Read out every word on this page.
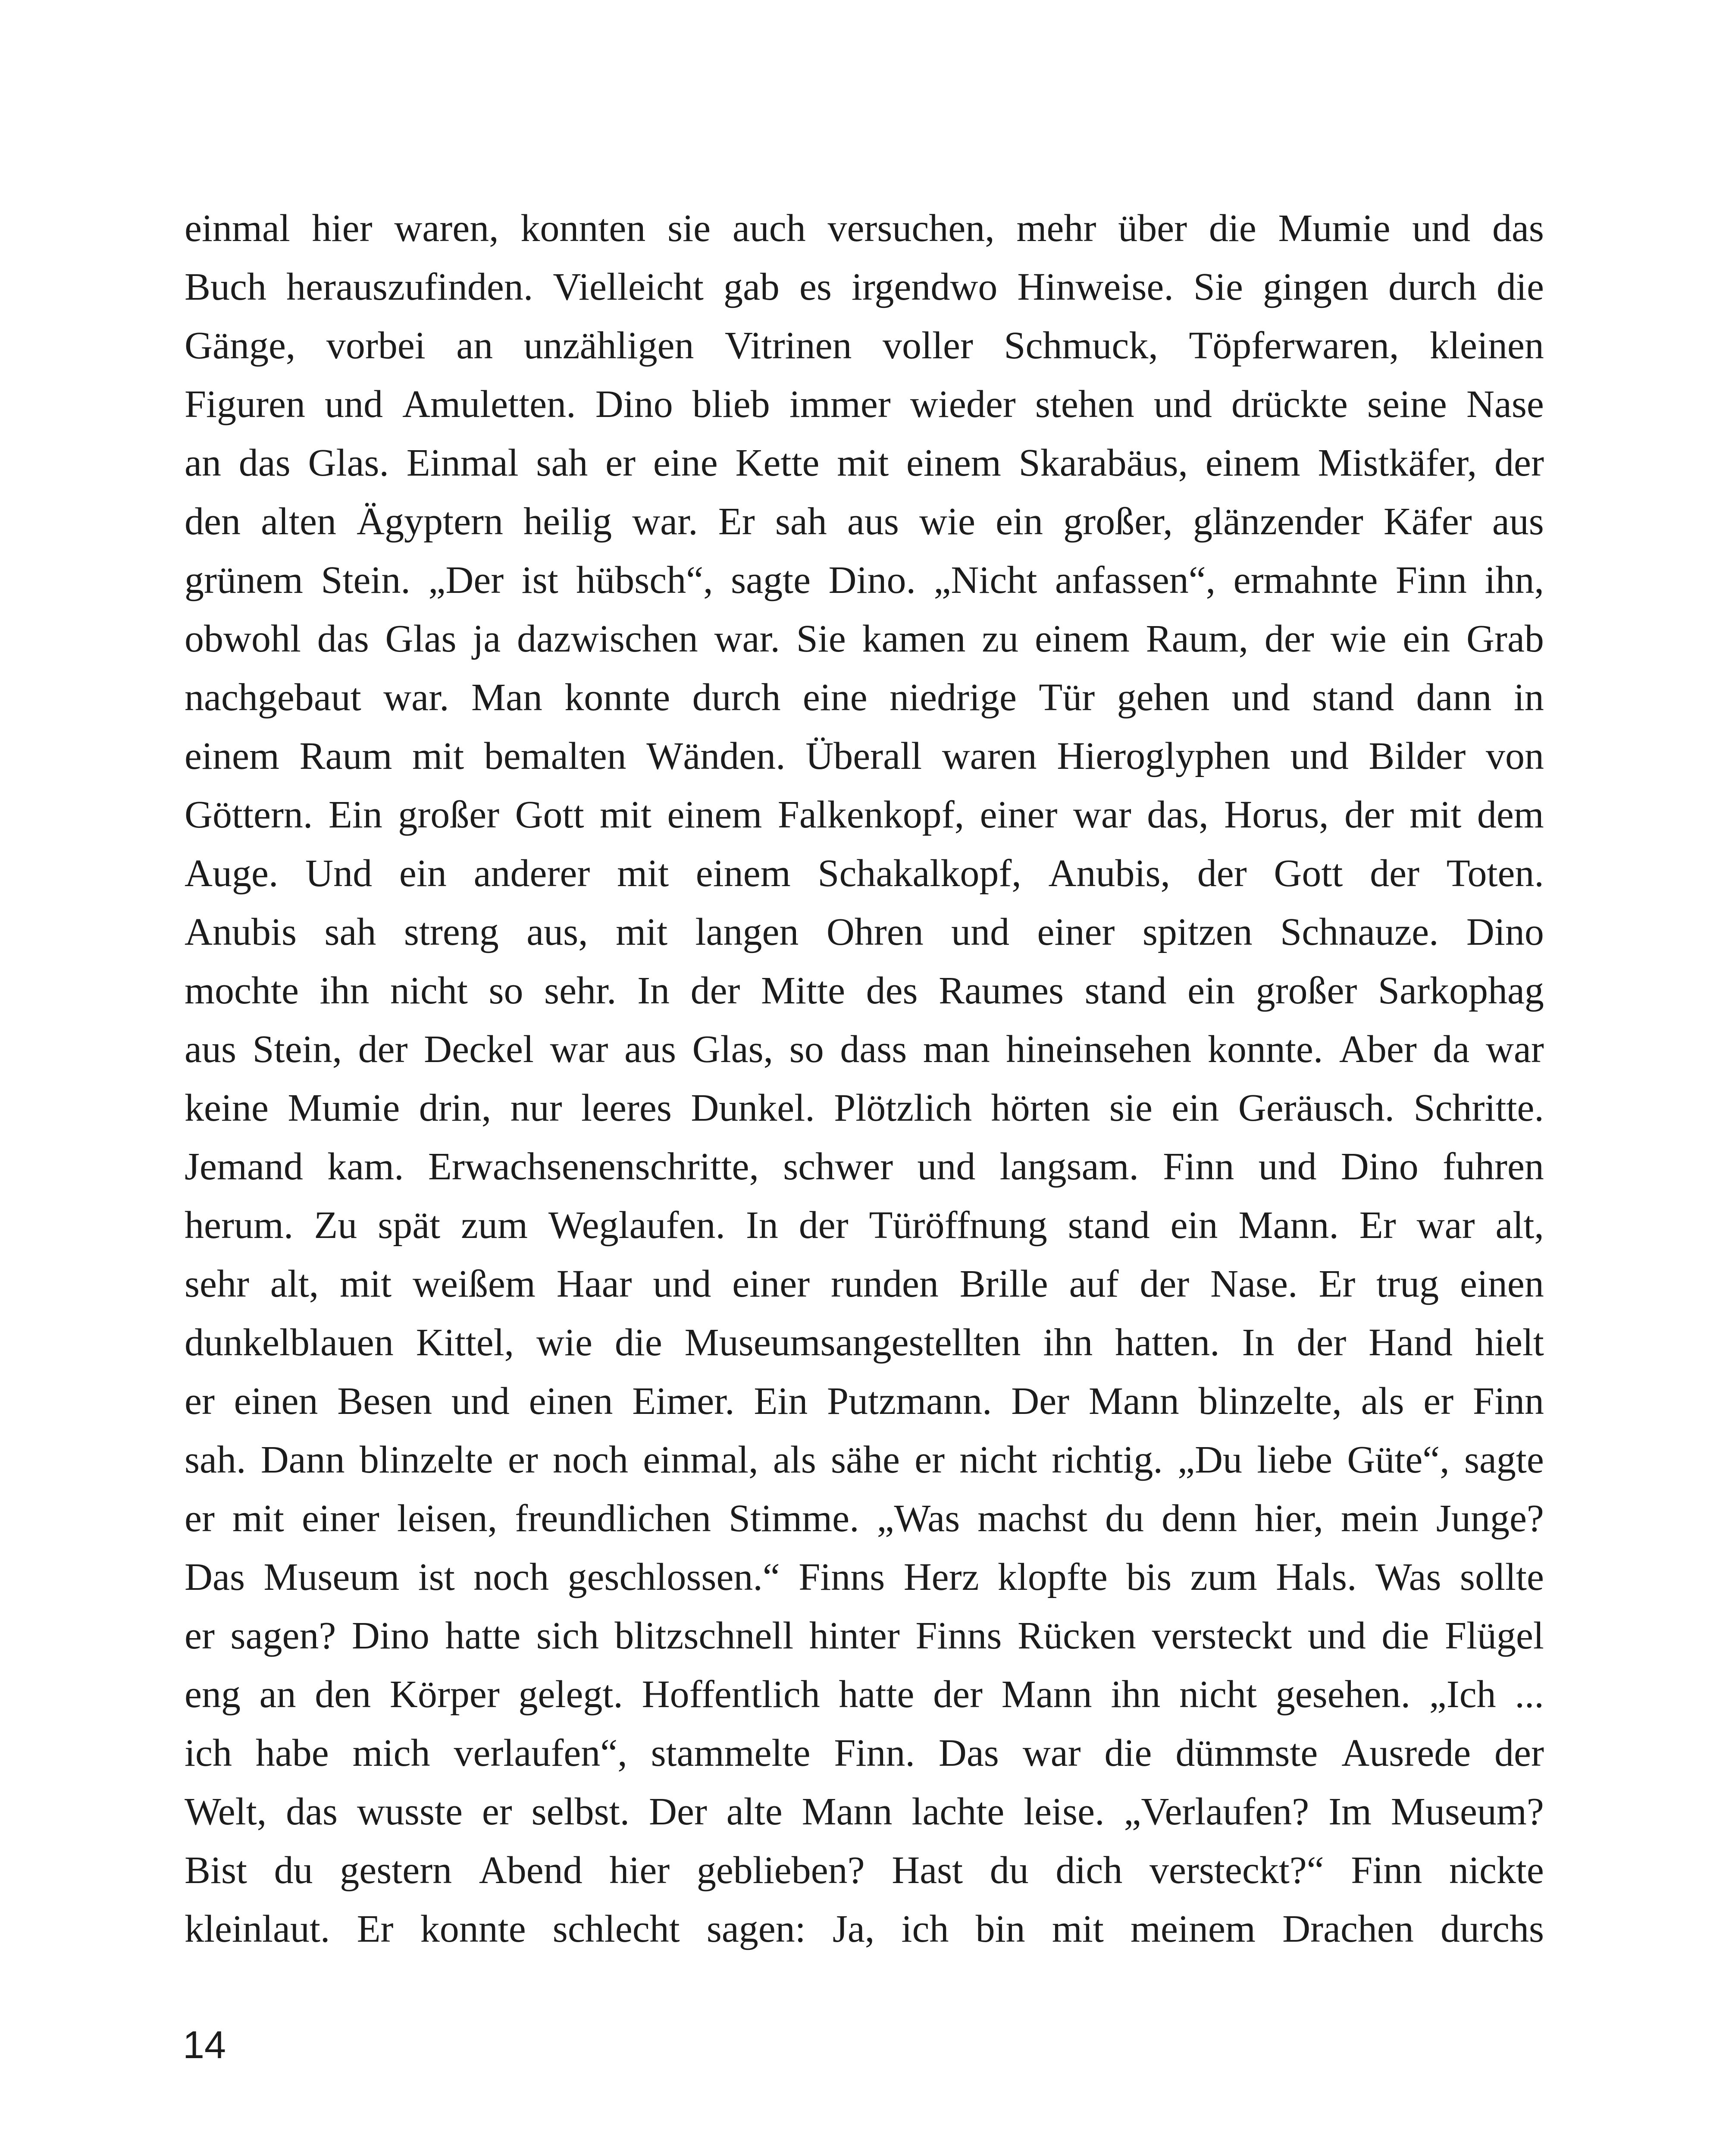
einmal hier waren, konnten sie auch versuchen, mehr über die Mumie und das
Buch herauszufinden. Vielleicht gab es irgendwo Hinweise. Sie gingen durch die
Gänge, vorbei an unzähligen Vitrinen voller Schmuck, Töpferwaren, kleinen
Figuren und Amuletten. Dino blieb immer wieder stehen und drückte seine Nase
an das Glas. Einmal sah er eine Kette mit einem Skarabäus, einem Mistkäfer, der
den alten Ägyptern heilig war. Er sah aus wie ein großer, glänzender Käfer aus
grünem Stein. „Der ist hübsch“, sagte Dino. „Nicht anfassen“, ermahnte Finn ihn,
obwohl das Glas ja dazwischen war. Sie kamen zu einem Raum, der wie ein Grab
nachgebaut war. Man konnte durch eine niedrige Tür gehen und stand dann in
einem Raum mit bemalten Wänden. Überall waren Hieroglyphen und Bilder von
Göttern. Ein großer Gott mit einem Falkenkopf, einer war das, Horus, der mit dem
Auge. Und ein anderer mit einem Schakalkopf, Anubis, der Gott der Toten.
Anubis sah streng aus, mit langen Ohren und einer spitzen Schnauze. Dino
mochte ihn nicht so sehr. In der Mitte des Raumes stand ein großer Sarkophag
aus Stein, der Deckel war aus Glas, so dass man hineinsehen konnte. Aber da war
keine Mumie drin, nur leeres Dunkel. Plötzlich hörten sie ein Geräusch. Schritte.
Jemand kam. Erwachsenenschritte, schwer und langsam. Finn und Dino fuhren
herum. Zu spät zum Weglaufen. In der Türöffnung stand ein Mann. Er war alt,
sehr alt, mit weißem Haar und einer runden Brille auf der Nase. Er trug einen
dunkelblauen Kittel, wie die Museumsangestellten ihn hatten. In der Hand hielt
er einen Besen und einen Eimer. Ein Putzmann. Der Mann blinzelte, als er Finn
sah. Dann blinzelte er noch einmal, als sähe er nicht richtig. „Du liebe Güte“, sagte
er mit einer leisen, freundlichen Stimme. „Was machst du denn hier, mein Junge?
Das Museum ist noch geschlossen.“ Finns Herz klopfte bis zum Hals. Was sollte
er sagen? Dino hatte sich blitzschnell hinter Finns Rücken versteckt und die Flügel
eng an den Körper gelegt. Hoffentlich hatte der Mann ihn nicht gesehen. „Ich ...
ich habe mich verlaufen“, stammelte Finn. Das war die dümmste Ausrede der
Welt, das wusste er selbst. Der alte Mann lachte leise. „Verlaufen? Im Museum?
Bist du gestern Abend hier geblieben? Hast du dich versteckt?“ Finn nickte
kleinlaut. Er konnte schlecht sagen: Ja, ich bin mit meinem Drachen durchs
14
